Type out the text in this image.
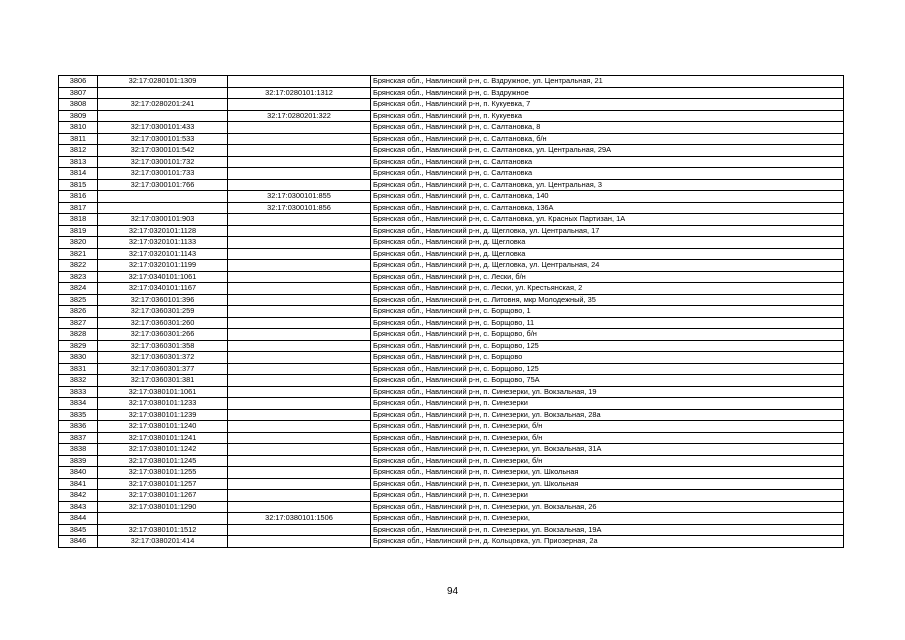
3806	32:17:0280101:1309		Брянская обл., Навлинский р-н, с. Вздружное, ул. Центральная, 21
3807		32:17:0280101:1312	Брянская обл., Навлинский р-н, с. Вздружное
3808	32:17:0280201:241		Брянская обл., Навлинский р-н, п. Кукуевка, 7
3809		32:17:0280201:322	Брянская обл., Навлинский р-н, п. Кукуевка
3810	32:17:0300101:433		Брянская обл., Навлинский р-н, с. Салтановка, 8
3811	32:17:0300101:533		Брянская обл., Навлинский р-н, с. Салтановка, б/н
3812	32:17:0300101:542		Брянская обл., Навлинский р-н, с. Салтановка, ул. Центральная, 29А
3813	32:17:0300101:732		Брянская обл., Навлинский р-н, с. Салтановка
3814	32:17:0300101:733		Брянская обл., Навлинский р-н, с. Салтановка
3815	32:17:0300101:766		Брянская обл., Навлинский р-н, с. Салтановка, ул. Центральная, 3
3816		32:17:0300101:855	Брянская обл., Навлинский р-н, с. Салтановка, 140
3817		32:17:0300101:856	Брянская обл., Навлинский р-н, с. Салтановка, 136А
3818	32:17:0300101:903		Брянская обл., Навлинский р-н, с. Салтановка, ул. Красных Партизан, 1А
3819	32:17:0320101:1128		Брянская обл., Навлинский р-н, д. Щегловка, ул. Центральная, 17
3820	32:17:0320101:1133		Брянская обл., Навлинский р-н, д. Щегловка
3821	32:17:0320101:1143		Брянская обл., Навлинский р-н, д. Щегловка
3822	32:17:0320101:1199		Брянская обл., Навлинский р-н, д. Щегловка, ул. Центральная, 24
3823	32:17:0340101:1061		Брянская обл., Навлинский р-н, с. Лески, б/н
3824	32:17:0340101:1167		Брянская обл., Навлинский р-н, с. Лески, ул. Крестьянская, 2
3825	32:17:0360101:396		Брянская обл., Навлинский р-н, с. Литовня, мкр Молодежный, 35
3826	32:17:0360301:259		Брянская обл., Навлинский р-н, с. Борщово, 1
3827	32:17:0360301:260		Брянская обл., Навлинский р-н, с. Борщово, 11
3828	32:17:0360301:266		Брянская обл., Навлинский р-н, с. Борщово, б/н
3829	32:17:0360301:358		Брянская обл., Навлинский р-н, с. Борщово, 125
3830	32:17:0360301:372		Брянская обл., Навлинский р-н, с. Борщово
3831	32:17:0360301:377		Брянская обл., Навлинский р-н, с. Борщово, 125
3832	32:17:0360301:381		Брянская обл., Навлинский р-н, с. Борщово, 75А
3833	32:17:0380101:1061		Брянская обл., Навлинский р-н, п. Синезерки, ул. Вокзальная, 19
3834	32:17:0380101:1233		Брянская обл., Навлинский р-н, п. Синезерки
3835	32:17:0380101:1239		Брянская обл., Навлинский р-н, п. Синезерки, ул. Вокзальная, 28а
3836	32:17:0380101:1240		Брянская обл., Навлинский р-н, п. Синезерки, б/н
3837	32:17:0380101:1241		Брянская обл., Навлинский р-н, п. Синезерки, б/н
3838	32:17:0380101:1242		Брянская обл., Навлинский р-н, п. Синезерки, ул. Вокзальная, 31А
3839	32:17:0380101:1245		Брянская обл., Навлинский р-н, п. Синезерки, б/н
3840	32:17:0380101:1255		Брянская обл., Навлинский р-н, п. Синезерки, ул. Школьная
3841	32:17:0380101:1257		Брянская обл., Навлинский р-н, п. Синезерки, ул. Школьная
3842	32:17:0380101:1267		Брянская обл., Навлинский р-н, п. Синезерки
3843	32:17:0380101:1290		Брянская обл., Навлинский р-н, п. Синезерки, ул. Вокзальная, 26
3844		32:17:0380101:1506	Брянская обл., Навлинский р-н, п. Синезерки,
3845	32:17:0380101:1512		Брянская обл., Навлинский р-н, п. Синезерки, ул. Вокзальная, 19А
3846	32:17:0380201:414		Брянская обл., Навлинский р-н, д. Кольцовка, ул. Приозерная, 2а
94
